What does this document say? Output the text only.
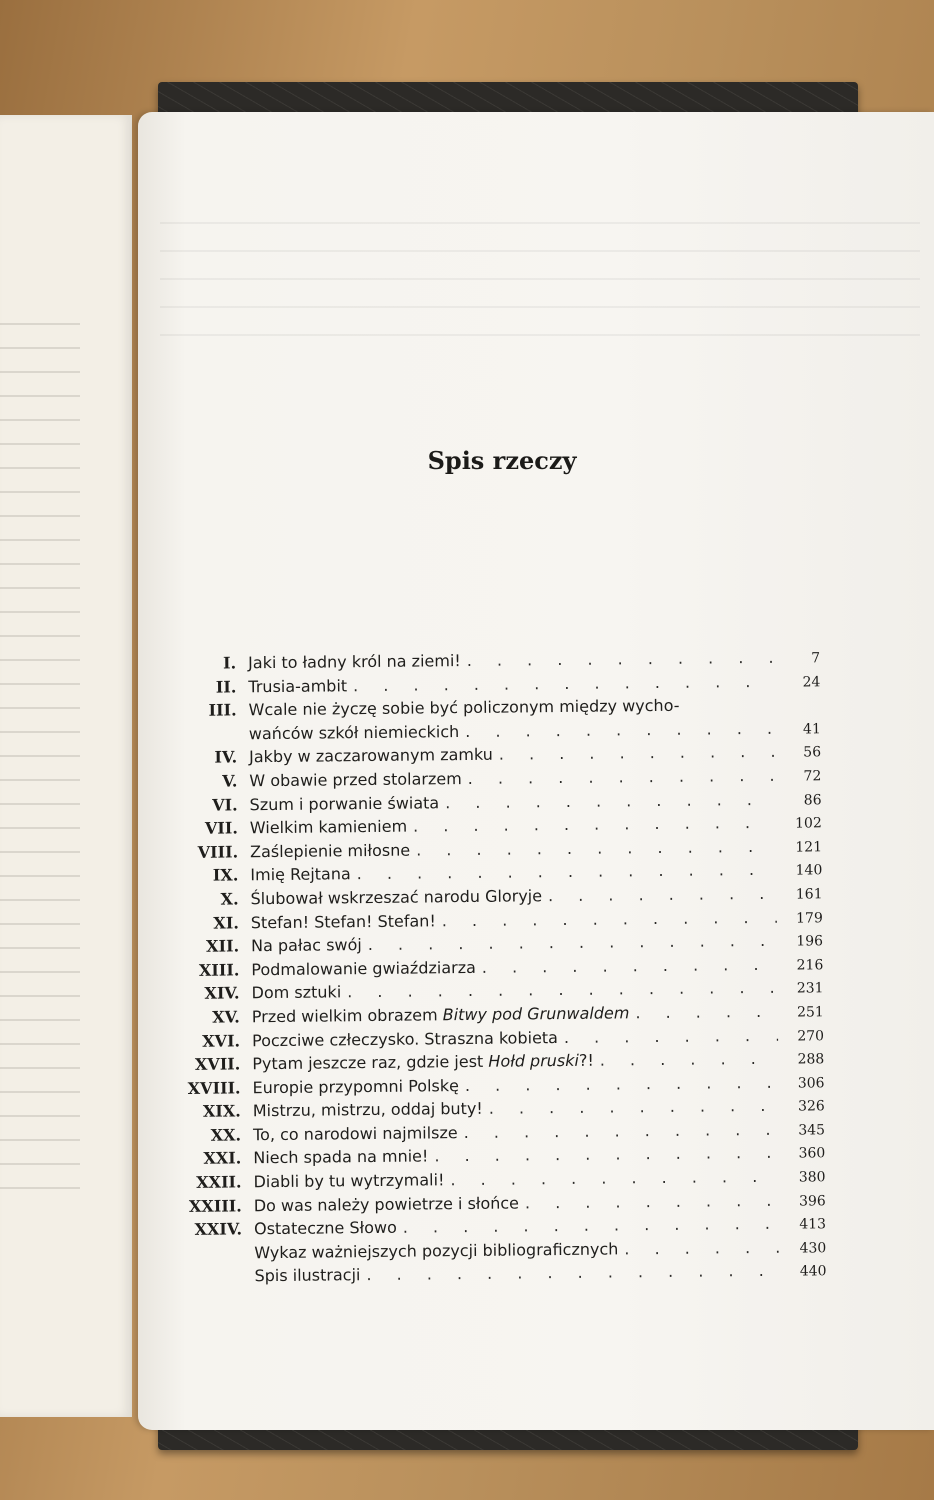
Spis rzeczy
I. Jaki to ładny król na ziemi! . . .	7
II. Trusia-ambit . . .	24
III. Wcale nie życzę sobie być policzonym między wycho-
wańców szkół niemieckich . . .	41
IV. Jakby w zaczarowanym zamku . . .	56
V. W obawie przed stolarzem . . .	72
VI. Szum i porwanie świata . . .	86
VII. Wielkim kamieniem . . .	102
VIII. Zaślepienie miłosne . . .	121
IX. Imię Rejtana . . .	140
X. Ślubował wskrzeszać narodu Gloryje . . .	161
XI. Stefan! Stefan! Stefan! . . .	179
XII. Na pałac swój . . .	196
XIII. Podmalowanie gwiaździarza . . .	216
XIV. Dom sztuki . . .	231
XV. Przed wielkim obrazem Bitwy pod Grunwaldem . . .	251
XVI. Poczciwe człeczysko. Straszna kobieta . . .	270
XVII. Pytam jeszcze raz, gdzie jest Hołd pruski?! . . .	288
XVIII. Europie przypomni Polskę . . .	306
XIX. Mistrzu, mistrzu, oddaj buty! . . .	326
XX. To, co narodowi najmilsze . . .	345
XXI. Niech spada na mnie! . . .	360
XXII. Diabli by tu wytrzymali! . . .	380
XXIII. Do was należy powietrze i słońce . . .	396
XXIV. Ostateczne Słowo . . .	413
Wykaz ważniejszych pozycji bibliograficznych . . .	430
Spis ilustracji . . .	440
